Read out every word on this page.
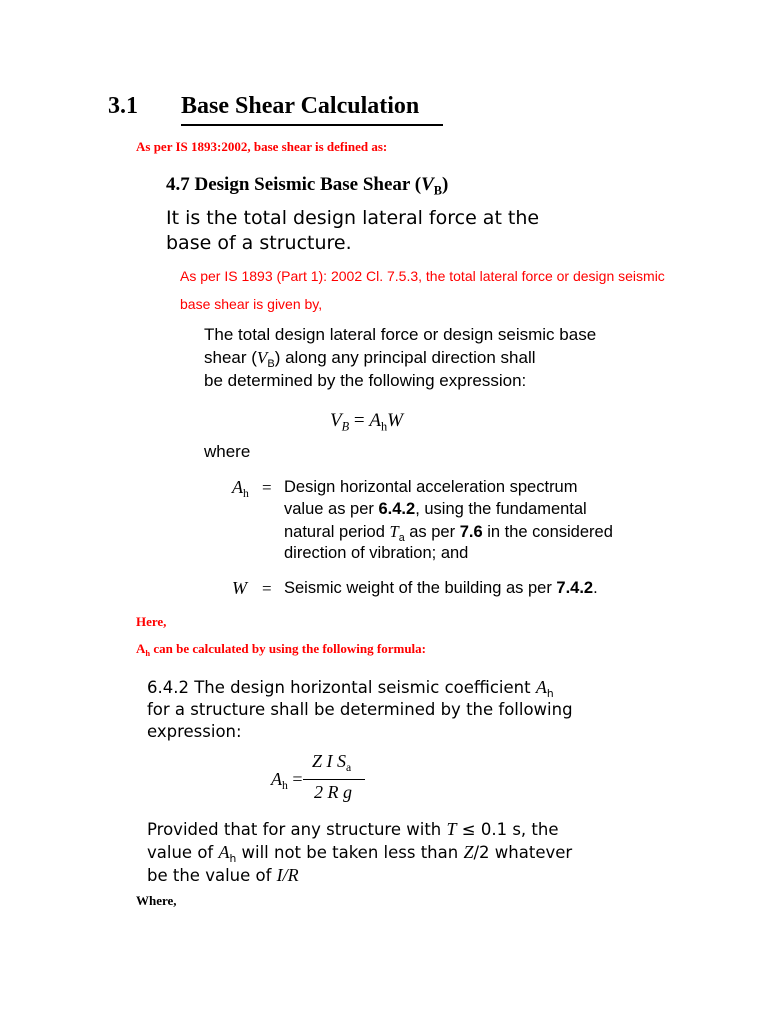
3.1 Base Shear Calculation
As per IS 1893:2002, base shear is defined as:
4.7 Design Seismic Base Shear $(V_B)$
It is the total design lateral force at the base of a structure.
As per IS 1893 (Part 1): 2002 Cl. 7.5.3, the total lateral force or design seismic
base shear is given by,
The total design lateral force or design seismic base
shear $(V_B)$ along any principal direction shall
be determined by the following expression:
$V_B = A_hW$
where
$A_h$ = Design horizontal acceleration spectrum
value as per 6.4.2, using the fundamental
natural period $T_a$ as per 7.6 in the considered
direction of vibration; and
W = Seismic weight of the building as per 7.4.2.
Here,
$A_h$ can be calculated by using the following formula:
6.4.2 The design horizontal seismic coefficient $A_h$
for a structure shall be determined by the following
expression:
$A_h$ =
Z I $S_a$
2 R g
Provided that for any structure with T ≤ 0.1 s, the
value of $A_h$ will not be taken less than Z/2 whatever
be the value of I/R
Where,
